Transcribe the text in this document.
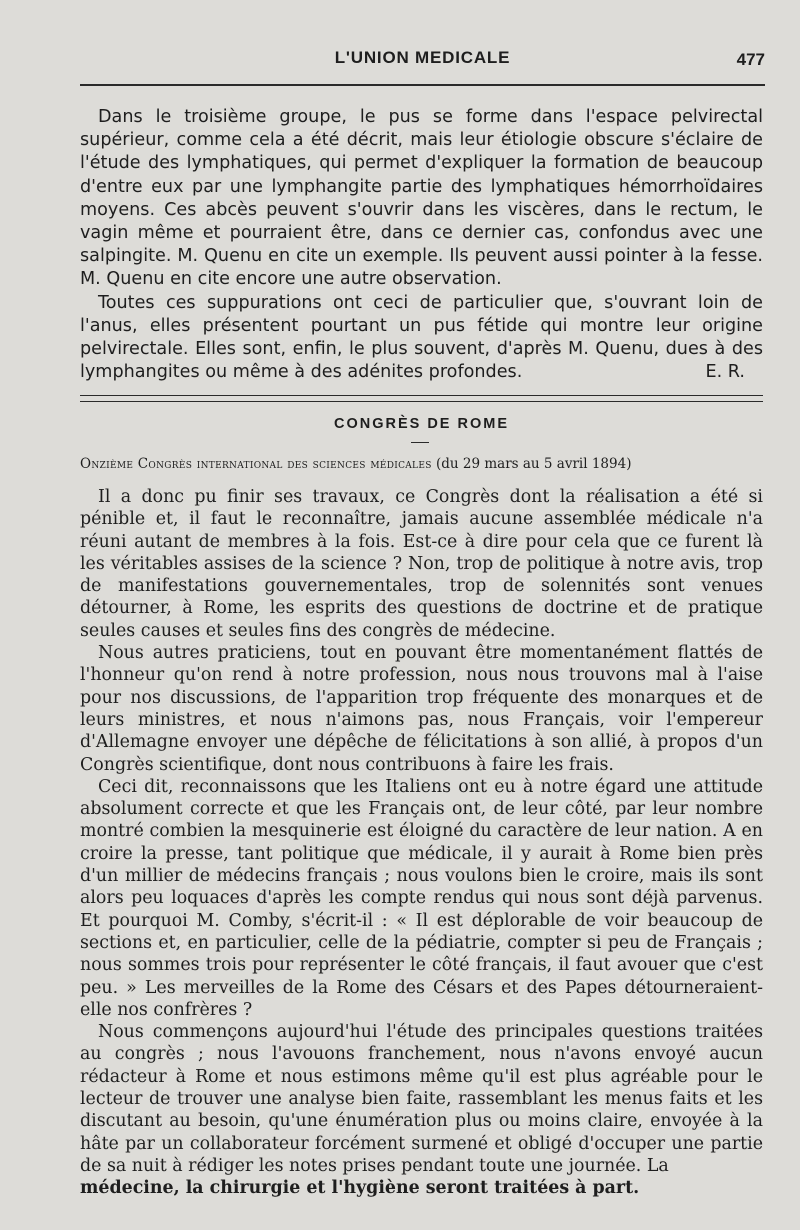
L'UNION MEDICALE	477

Dans le troisième groupe, le pus se forme dans l'espace pelvirectal supérieur, comme cela a été décrit, mais leur étiologie obscure s'éclaire de l'étude des lymphatiques, qui permet d'expliquer la formation de beaucoup d'entre eux par une lymphangite partie des lymphatiques hémorrhoïdaires moyens. Ces abcès peuvent s'ouvrir dans les viscères, dans le rectum, le vagin même et pourraient être, dans ce dernier cas, confondus avec une salpingite. M. Quenu en cite un exemple. Ils peuvent aussi pointer à la fesse. M. Quenu en cite encore une autre observation.

Toutes ces suppurations ont ceci de particulier que, s'ouvrant loin de l'anus, elles présentent pourtant un pus fétide qui montre leur origine pelvirectale. Elles sont, enfin, le plus souvent, d'après M. Quenu, dues à des lymphangites ou même à des adénites profondes.	E. R.

CONGRÈS DE ROME
Onzième Congrès international des sciences médicales (du 29 mars au 5 avril 1894)

Il a donc pu finir ses travaux, ce Congrès dont la réalisation a été si pénible et, il faut le reconnaître, jamais aucune assemblée médicale n'a réuni autant de membres à la fois. Est-ce à dire pour cela que ce furent là les véritables assises de la science ? Non, trop de politique à notre avis, trop de manifestations gouvernementales, trop de solennités sont venues détourner, à Rome, les esprits des questions de doctrine et de pratique seules causes et seules fins des congrès de médecine.

Nous autres praticiens, tout en pouvant être momentanément flattés de l'honneur qu'on rend à notre profession, nous nous trouvons mal à l'aise pour nos discussions, de l'apparition trop fréquente des monarques et de leurs ministres, et nous n'aimons pas, nous Français, voir l'empereur d'Allemagne envoyer une dépêche de félicitations à son allié, à propos d'un Congrès scientifique, dont nous contribuons à faire les frais.

Ceci dit, reconnaissons que les Italiens ont eu à notre égard une attitude absolument correcte et que les Français ont, de leur côté, par leur nombre montré combien la mesquinerie est éloigné du caractère de leur nation. A en croire la presse, tant politique que médicale, il y aurait à Rome bien près d'un millier de médecins français ; nous voulons bien le croire, mais ils sont alors peu loquaces d'après les compte rendus qui nous sont déjà parvenus. Et pourquoi M. Comby, s'écrit-il : « Il est déplorable de voir beaucoup de sections et, en particulier, celle de la pédiatrie, compter si peu de Français ; nous sommes trois pour représenter le côté français, il faut avouer que c'est peu. » Les merveilles de la Rome des Césars et des Papes détourneraient-elle nos confrères ?

Nous commençons aujourd'hui l'étude des principales questions traitées au congrès ; nous l'avouons franchement, nous n'avons envoyé aucun rédacteur à Rome et nous estimons même qu'il est plus agréable pour le lecteur de trouver une analyse bien faite, rassemblant les menus faits et les discutant au besoin, qu'une énumération plus ou moins claire, envoyée à la hâte par un collaborateur forcément surmené et obligé d'occuper une partie de sa nuit à rédiger les notes prises pendant toute une journée. La

médecine, la chirurgie et l'hygiène seront traitées à part.
